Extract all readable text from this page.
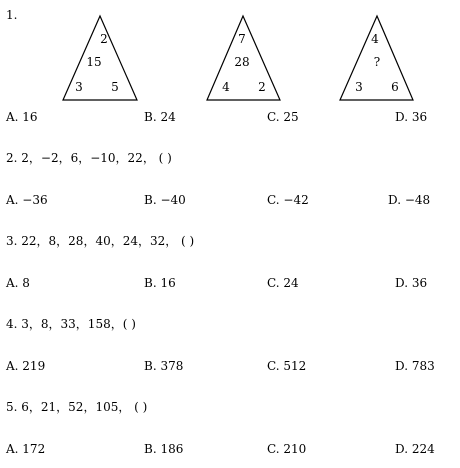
1.
2
15
3 5
7
28
4 2
4
?
3 6
A. 16	B. 24	C. 25	D. 36
2. 2，−2，6，−10，22， ( )
A. −36	B. −40	C. −42	D. −48
3. 22，8，28，40，24，32， ( )
A. 8	B. 16	C. 24	D. 36
4. 3，8，33，158，( )
A. 219	B. 378	C. 512	D. 783
5. 6，21，52，105， ( )
A. 172	B. 186	C. 210	D. 224
